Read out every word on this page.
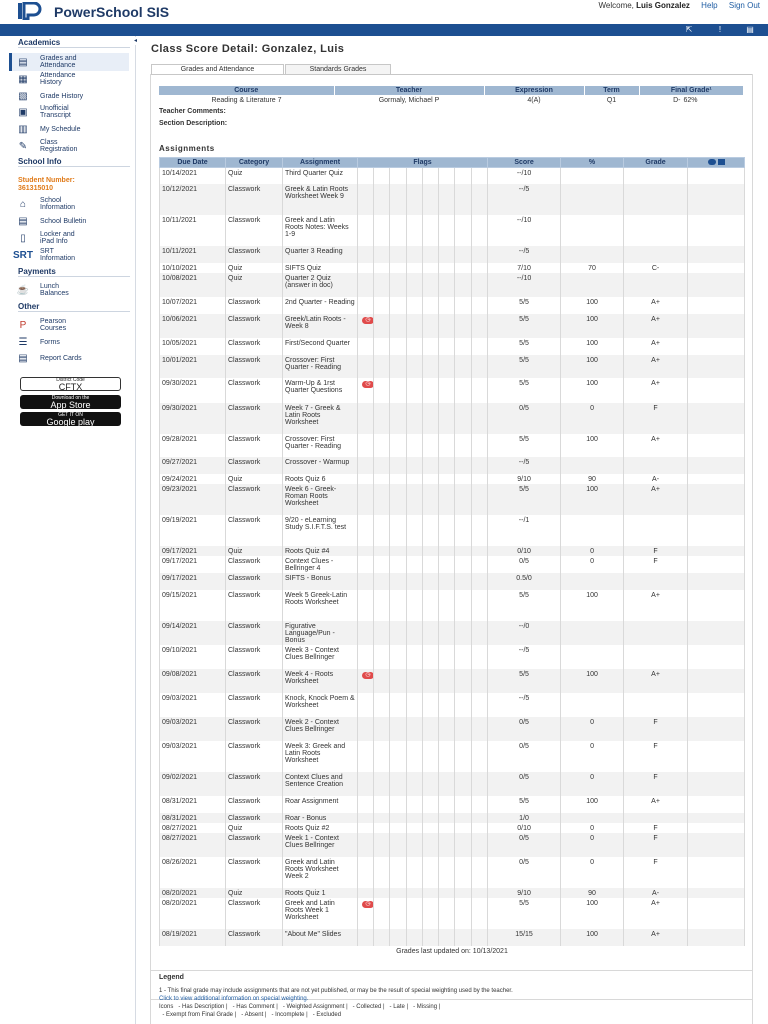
PowerSchool SIS	Welcome, Luis Gonzalez Help Sign Out
⇱	!	▤
Academics
▤	Grades and
Attendance
▦	Attendance
History
▧	Grade History
▣	Unofficial
Transcript
▥	My Schedule
✎	Class
Registration
School Info
Student Number:
361315010
⌂	School
Information
▤	School Bulletin
▯	Locker and
iPad Info
SRT SRT
Information
Payments
☕	Lunch
Balances
Other
P	Pearson
Courses
☰	Forms
▤	Report Cards
District Code
CFTX
Download on the
App Store
GET IT ON
Google play
◂
Class Score Detail: Gonzalez, Luis
Grades and Attendance	Standards Grades
Course	Teacher	Expression	Term	Final Grade¹	
Reading & Literature 7	Gormaly, Michael P	4(A)	Q1	D-	62%
Teacher Comments:
Section Description:
Assignments
Due Date	Category	Assignment	Flags								Score	%	Grade	
10/14/2021	Quiz	Third Quarter Quiz									--/10			
10/12/2021	Classwork	Greek & Latin Roots Worksheet Week 9									--/5			
10/11/2021	Classwork	Greek and Latin Roots Notes: Weeks 1-9									--/10			
10/11/2021	Classwork	Quarter 3 Reading									--/5			
10/10/2021	Quiz	SIFTS Quiz									7/10	70	C-	
10/08/2021	Quiz	Quarter 2 Quiz (answer in doc)									--/10			
10/07/2021	Classwork	2nd Quarter - Reading									5/5	100	A+	
10/06/2021	Classwork	Greek/Latin Roots - Week 8	◷								5/5	100	A+	
10/05/2021	Classwork	First/Second Quarter									5/5	100	A+	
10/01/2021	Classwork	Crossover: First Quarter - Reading									5/5	100	A+	
09/30/2021	Classwork	Warm-Up & 1rst Quarter Questions	◷								5/5	100	A+	
09/30/2021	Classwork	Week 7 - Greek & Latin Roots Worksheet									0/5	0	F	
09/28/2021	Classwork	Crossover: First Quarter - Reading									5/5	100	A+	
09/27/2021	Classwork	Crossover - Warmup									--/5			
09/24/2021	Quiz	Roots Quiz 6									9/10	90	A-	
09/23/2021	Classwork	Week 6 - Greek-Roman Roots Worksheet									5/5	100	A+	
09/19/2021	Classwork	9/20 - eLearning Study S.I.F.T.S. test									--/1			
09/17/2021	Quiz	Roots Quiz #4									0/10	0	F	
09/17/2021	Classwork	Context Clues - Bellringer 4									0/5	0	F	
09/17/2021	Classwork	SIFTS - Bonus									0.5/0			
09/15/2021	Classwork	Week 5 Greek-Latin Roots Worksheet									5/5	100	A+	
09/14/2021	Classwork	Figurative Language/Pun - Bonus									--/0			
09/10/2021	Classwork	Week 3 - Context Clues Bellringer									--/5			
09/08/2021	Classwork	Week 4 - Roots Worksheet	◷								5/5	100	A+	
09/03/2021	Classwork	Knock, Knock Poem & Worksheet									--/5			
09/03/2021	Classwork	Week 2 - Context Clues Bellringer									0/5	0	F	
09/03/2021	Classwork	Week 3: Greek and Latin Roots Worksheet									0/5	0	F	
09/02/2021	Classwork	Context Clues and Sentence Creation									0/5	0	F	
08/31/2021	Classwork	Roar Assignment									5/5	100	A+	
08/31/2021	Classwork	Roar - Bonus									1/0			
08/27/2021	Quiz	Roots Quiz #2									0/10	0	F	
08/27/2021	Classwork	Week 1 - Context Clues Bellringer									0/5	0	F	
08/26/2021	Classwork	Greek and Latin Roots Worksheet Week 2									0/5	0	F	
08/20/2021	Quiz	Roots Quiz 1									9/10	90	A-	
08/20/2021	Classwork	Greek and Latin Roots Week 1 Worksheet	◷								5/5	100	A+	
08/19/2021	Classwork	"About Me" Slides									15/15	100	A+	
Grades last updated on: 10/13/2021
Legend
1 - This final grade may include assignments that are not yet published, or may be the result of special weighting used by the teacher.
Click to view additional information on special weighting.
Icons   - Has Description |   - Has Comment |   - Weighted Assignment |   - Collected |   - Late |   - Missing |
- Exempt from Final Grade |   - Absent |   - Incomplete |   - Excluded
